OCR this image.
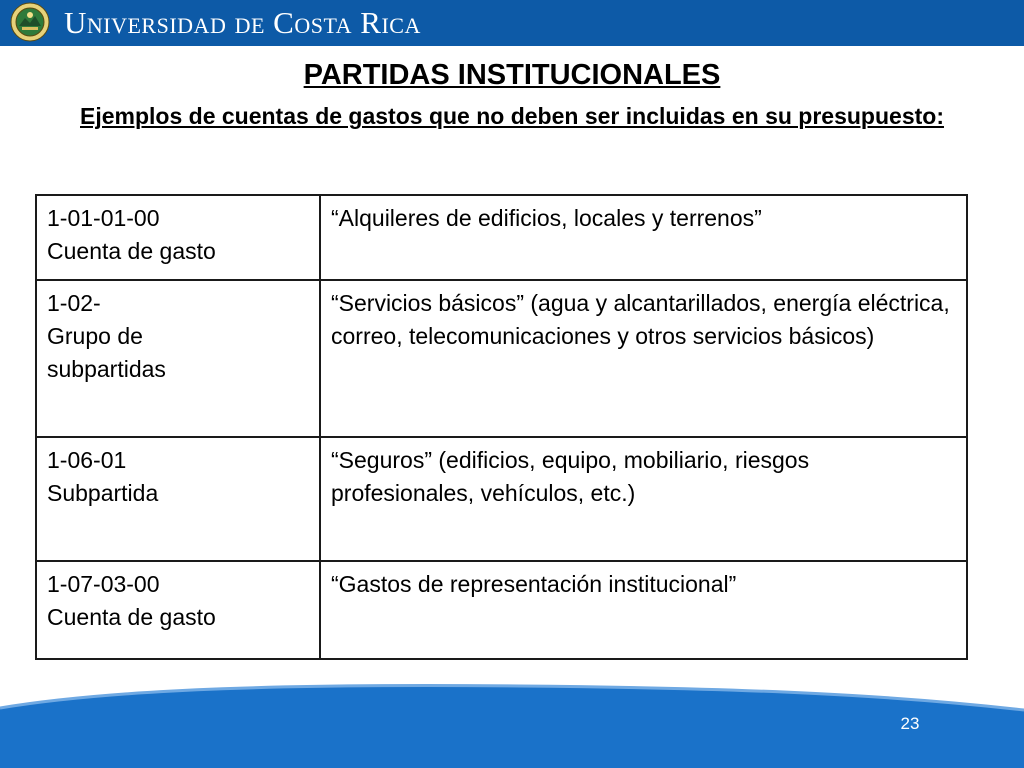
Universidad de Costa Rica
PARTIDAS INSTITUCIONALES
Ejemplos de cuentas de gastos que no deben ser incluidas en su presupuesto:
1-01-01-00
Cuenta de gasto	“Alquileres de edificios, locales y terrenos”

1-02-
Grupo de
subpartidas	“Servicios básicos” (agua y alcantarillados, energía eléctrica, correo, telecomunicaciones y otros servicios básicos)

1-06-01
Subpartida	“Seguros” (edificios, equipo, mobiliario, riesgos profesionales, vehículos, etc.)

1-07-03-00
Cuenta de gasto	“Gastos de representación institucional”
23
